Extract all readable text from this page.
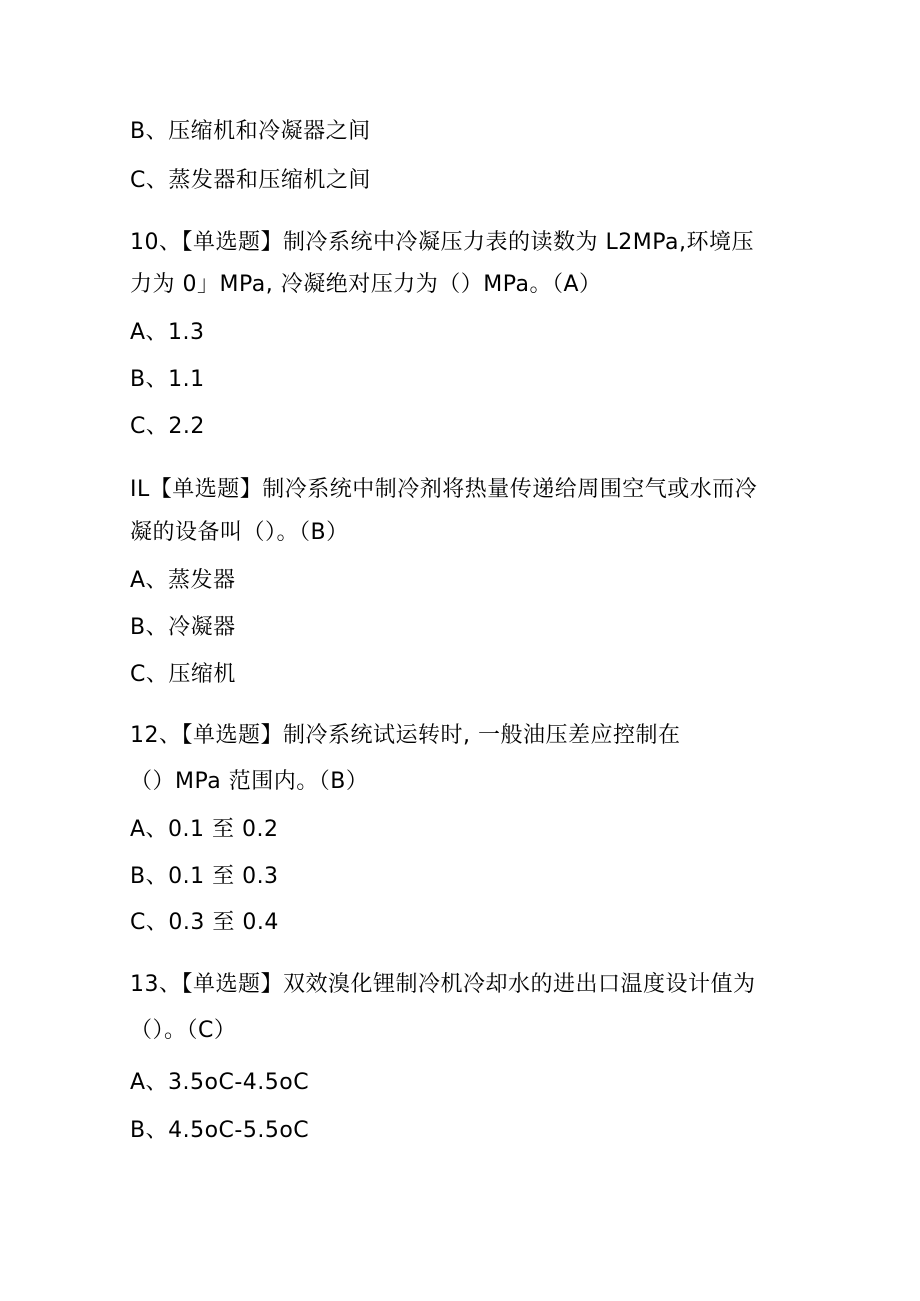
B、压缩机和冷凝器之间
C、蒸发器和压缩机之间
10、【单选题】制冷系统中冷凝压力表的读数为 L2MPa,环境压
力为 0」MPa, 冷凝绝对压力为（）MPa。（A）
A、1.3
B、1.1
C、2.2
IL【单选题】制冷系统中制冷剂将热量传递给周围空气或水而冷
凝的设备叫（）。（B）
A、蒸发器
B、冷凝器
C、压缩机
12、【单选题】制冷系统试运转时, 一般油压差应控制在
（）MPa 范围内。（B）
A、0.1 至 0.2
B、0.1 至 0.3
C、0.3 至 0.4
13、【单选题】双效溴化锂制冷机冷却水的进出口温度设计值为
（）。（C）
A、3.5oC-4.5oC
B、4.5oC-5.5oC
